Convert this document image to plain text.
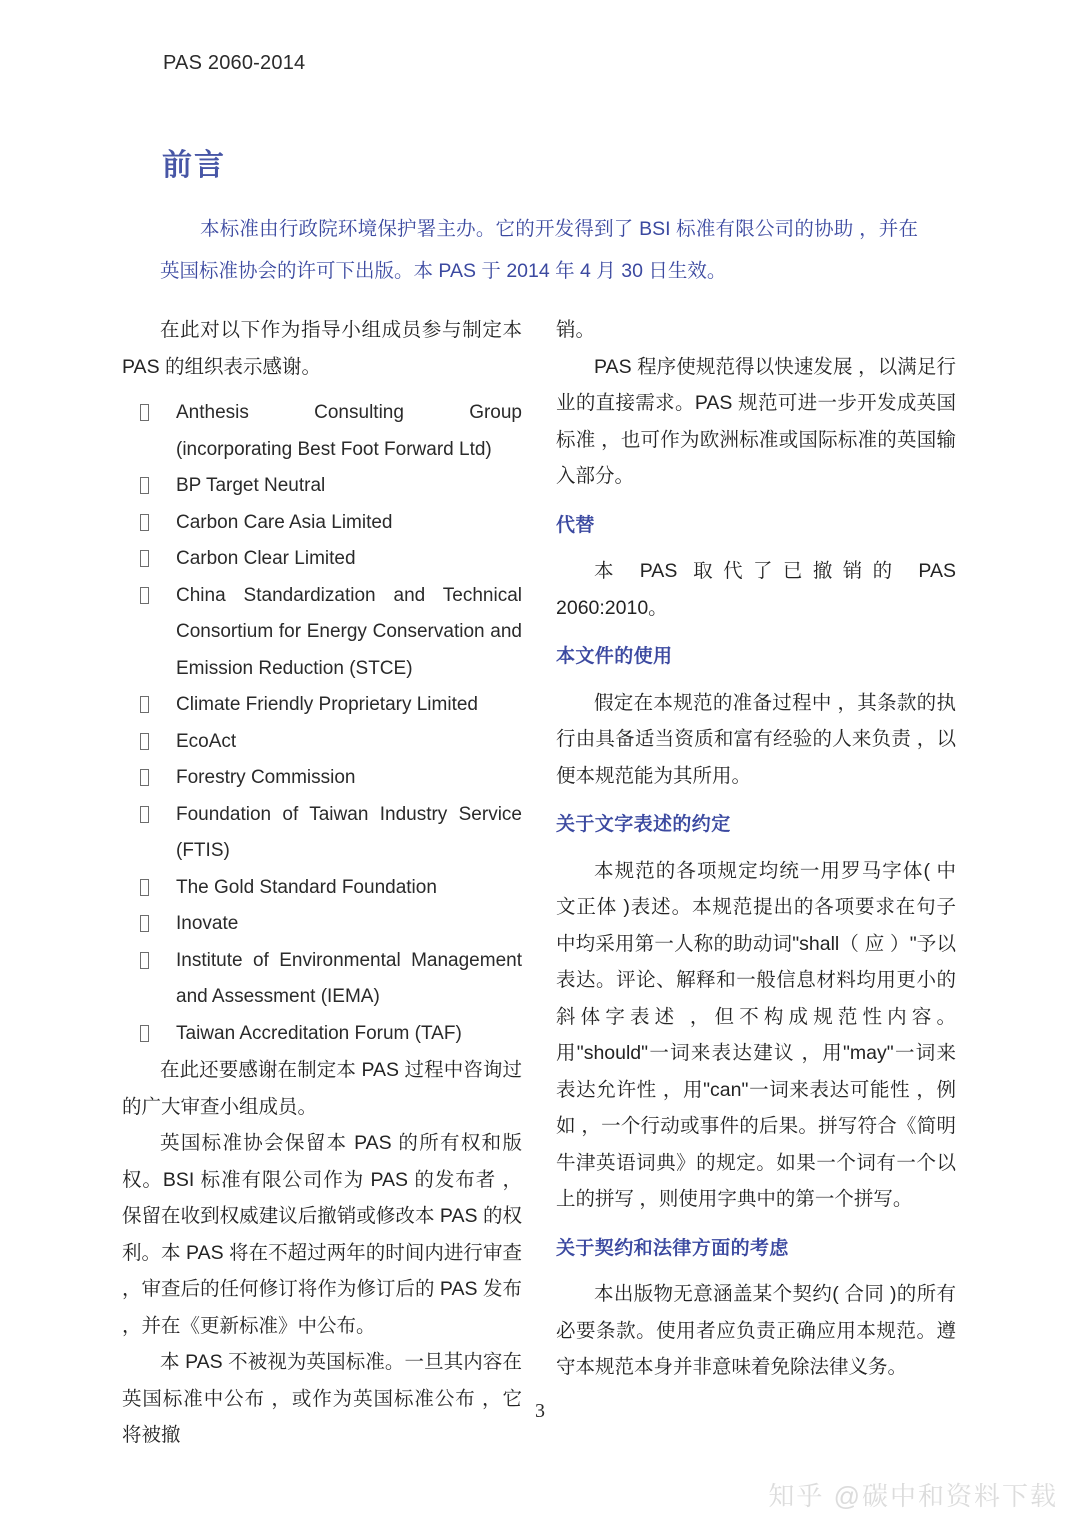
PAS 2060-2014
前言
本标准由行政院环境保护署主办。它的开发得到了 BSI 标准有限公司的协助 ，并在英国标准协会的许可下出版。本 PAS 于 2014 年 4 月 30 日生效。

在此对以下作为指导小组成员参与制定本 PAS 的组织表示感谢。

Anthesis Consulting Group (incorporating Best Foot Forward Ltd)
BP Target Neutral
Carbon Care Asia Limited
Carbon Clear Limited
China Standardization and Technical Consortium for Energy Conservation and Emission Reduction (STCE)
Climate Friendly Proprietary Limited
EcoAct
Forestry Commission
Foundation of Taiwan Industry Service (FTIS)
The Gold Standard Foundation
Inovate
Institute of Environmental Management and Assessment (IEMA)
Taiwan Accreditation Forum (TAF)

在此还要感谢在制定本 PAS 过程中咨询过的广大审查小组成员。

英国标准协会保留本 PAS 的所有权和版权。BSI 标准有限公司作为 PAS 的发布者 ，保留在收到权威建议后撤销或修改本 PAS 的权利。本 PAS 将在不超过两年的时间内进行审查 ，审查后的任何修订将作为修订后的 PAS 发布 ，并在《更新标准》中公布。

本 PAS 不被视为英国标准。一旦其内容在英国标准中公布 ，或作为英国标准公布 ，它将被撤

销。

PAS 程序使规范得以快速发展 ，以满足行业的直接需求。PAS 规范可进一步开发成英国标准 ，也可作为欧洲标准或国际标准的英国输入部分。

代替

本 PAS 取代了已撤销的 PAS 2060:2010。

本文件的使用

假定在本规范的准备过程中 ，其条款的执行由具备适当资质和富有经验的人来负责 ，以便本规范能为其所用。

关于文字表述的约定

本规范的各项规定均统一用罗马字体( 中文正体 )表述。本规范提出的各项要求在句子中均采用第一人称的助动词"shall（ 应 ）"予以表达。评论、解释和一般信息材料均用更小的斜体字表述 ，但不构成规范性内容。用"should"一词来表达建议 ，用"may"一词来表达允许性 ，用"can"一词来表达可能性 ，例如 ，一个行动或事件的后果。拼写符合《简明牛津英语词典》的规定。如果一个词有一个以上的拼写 ，则使用字典中的第一个拼写。

关于契约和法律方面的考虑

本出版物无意涵盖某个契约( 合同 )的所有必要条款。使用者应负责正确应用本规范。遵守本规范本身并非意味着免除法律义务。

3
知乎 @碳中和资料下载
